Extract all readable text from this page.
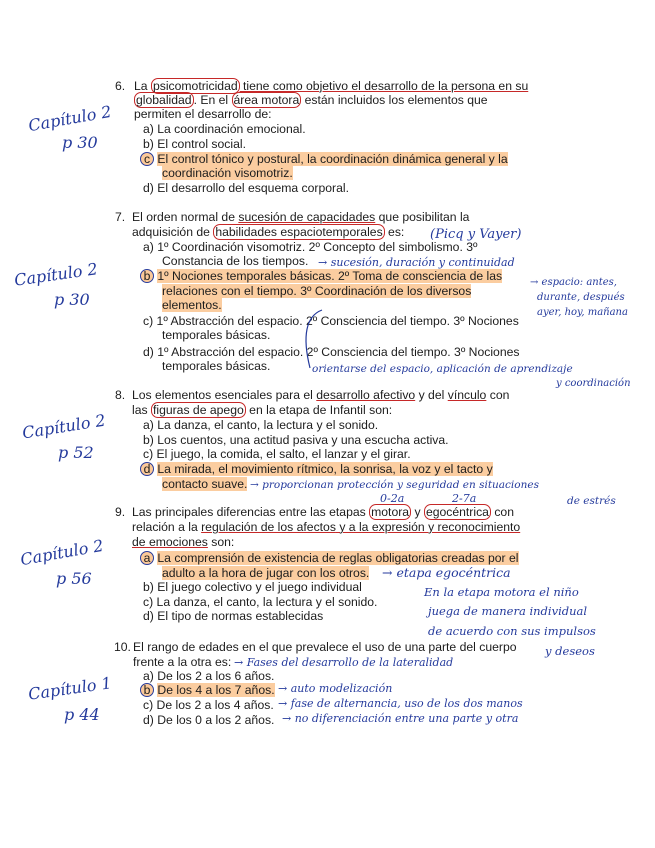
6. La psicomotricidad tiene como objetivo el desarrollo de la persona en su
globalidad . En el área motora están incluidos los elementos que
permiten el desarrollo de:
a) La coordinación emocional.
b) El control social.
c El control tónico y postural, la coordinación dinámica general y la
coordinación visomotriz.
d) El desarrollo del esquema corporal.
7. El orden normal de sucesión de capacidades que posibilitan la
adquisición de habilidades espaciotemporales es:
a) 1º Coordinación visomotriz. 2º Concepto del simbolismo. 3º
Constancia de los tiempos.
b 1º Nociones temporales básicas. 2º Toma de consciencia de las
relaciones con el tiempo. 3º Coordinación de los diversos
elementos.
c) 1º Abstracción del espacio. 2º Consciencia del tiempo. 3º Nociones
temporales básicas.
d) 1º Abstracción del espacio. 2º Consciencia del tiempo. 3º Nociones
temporales básicas.
8. Los elementos esenciales para el desarrollo afectivo y del vínculo con
las figuras de apego en la etapa de Infantil son:
a) La danza, el canto, la lectura y el sonido.
b) Los cuentos, una actitud pasiva y una escucha activa.
c) El juego, la comida, el salto, el lanzar y el girar.
d La mirada, el movimiento rítmico, la sonrisa, la voz y el tacto y
contacto suave.
9. Las principales diferencias entre las etapas motora y egocéntrica con
relación a la regulación de los afectos y a la expresión y reconocimiento
de emociones son:
a La comprensión de existencia de reglas obligatorias creadas por el
adulto a la hora de jugar con los otros.
b) El juego colectivo y el juego individual
c) La danza, el canto, la lectura y el sonido.
d) El tipo de normas establecidas
10. El rango de edades en el que prevalece el uso de una parte del cuerpo
frente a la otra es:
a) De los 2 a los 6 años.
b De los 4 a los 7 años.
c) De los 2 a los 4 años.
d) De los 0 a los 2 años.
Capítulo 2
p 30
Capítulo 2
p 30
(Picq y Vayer)
→ sucesión, duración y continuidad
→ espacio: antes,
durante, después
ayer, hoy, mañana
orientarse del espacio, aplicación de aprendizaje
y coordinación
Capítulo 2
p 52
→ proporcionan protección y seguridad en situaciones
de estrés
0-2a	2-7a
Capítulo 2
p 56	→ etapa egocéntrica
En la etapa motora el niño
juega de manera individual
de acuerdo con sus impulsos
y deseos
Capítulo 1
p 44
→ Fases del desarrollo de la lateralidad
→ auto modelización
→ fase de alternancia, uso de los dos manos
→ no diferenciación entre una parte y otra
